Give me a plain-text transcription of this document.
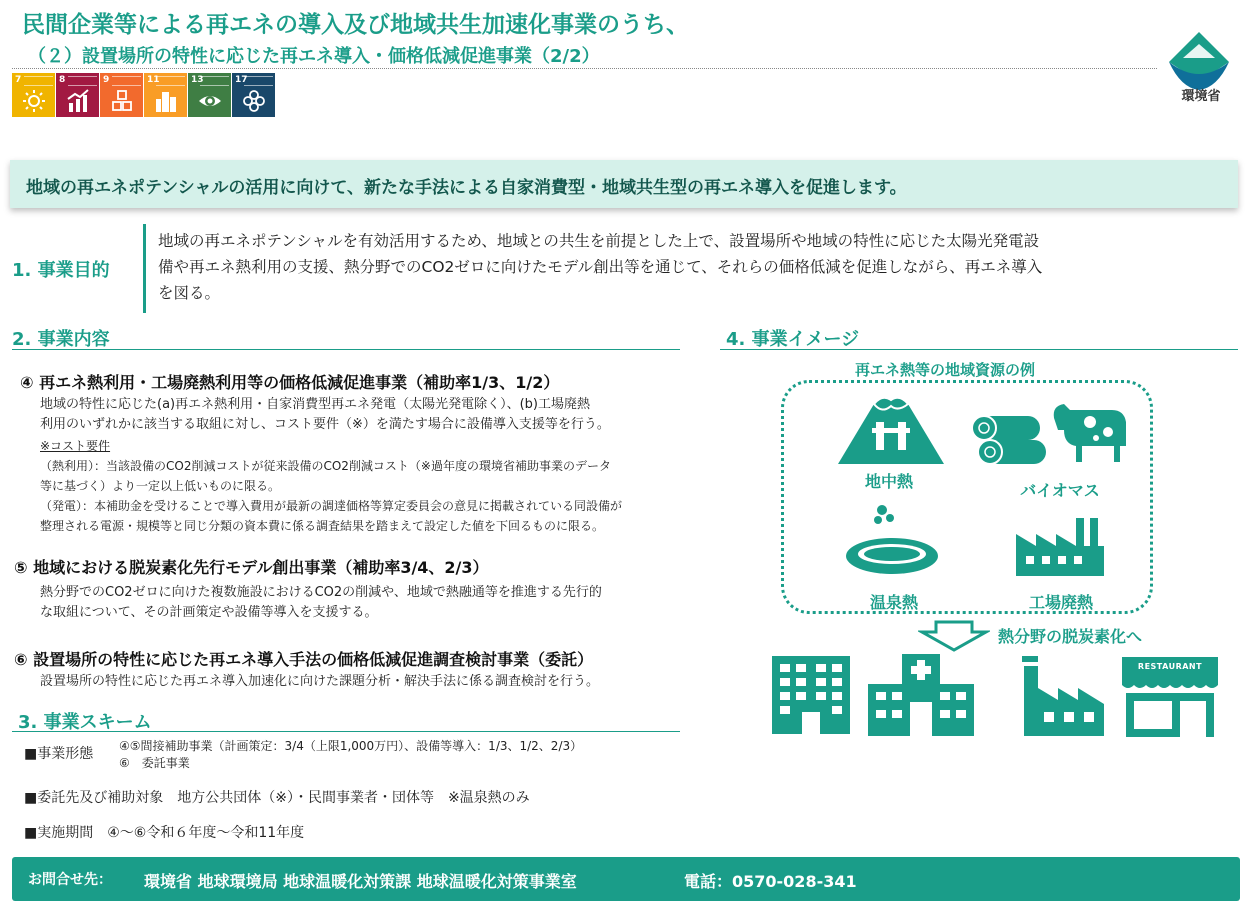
民間企業等による再エネの導入及び地域共生加速化事業のうち、
（２）設置場所の特性に応じた再エネ導入・価格低減促進事業（2/2）
7	8	9	11	13	17
環境省
地域の再エネポテンシャルの活用に向けて、新たな手法による自家消費型・地域共生型の再エネ導入を促進します。
1. 事業目的
地域の再エネポテンシャルを有効活用するため、地域との共生を前提とした上で、設置場所や地域の特性に応じた太陽光発電設
備や再エネ熱利用の支援、熱分野でのCO2ゼロに向けたモデル創出等を通じて、それらの価格低減を促進しながら、再エネ導入
を図る。
2. 事業内容
④ 再エネ熱利用・工場廃熱利用等の価格低減促進事業（補助率1/3、1/2）
地域の特性に応じた(a)再エネ熱利用・自家消費型再エネ発電（太陽光発電除く）、(b)工場廃熱
利用のいずれかに該当する取組に対し、コスト要件（※）を満たす場合に設備導入支援等を行う。
※コスト要件
（熱利用）：当該設備のCO2削減コストが従来設備のCO2削減コスト（※過年度の環境省補助事業のデータ
等に基づく）より一定以上低いものに限る。
（発電）：本補助金を受けることで導入費用が最新の調達価格等算定委員会の意見に掲載されている同設備が
整理される電源・規模等と同じ分類の資本費に係る調査結果を踏まえて設定した値を下回るものに限る。
⑤ 地域における脱炭素化先行モデル創出事業（補助率3/4、2/3）
熱分野でのCO2ゼロに向けた複数施設におけるCO2の削減や、地域で熱融通等を推進する先行的
な取組について、その計画策定や設備等導入を支援する。
⑥ 設置場所の特性に応じた再エネ導入手法の価格低減促進調査検討事業（委託）
設置場所の特性に応じた再エネ導入加速化に向けた課題分析・解決手法に係る調査検討を行う。
3. 事業スキーム
■事業形態 ④⑤間接補助事業（計画策定：3/4（上限1,000万円）、設備等導入：1/3、1/2、2/3）
⑥　委託事業
■委託先及び補助対象　地方公共団体（※）・民間事業者・団体等　※温泉熱のみ
■実施期間　④～⑥令和６年度～令和11年度
4. 事業イメージ
再エネ熱等の地域資源の例
地中熱	バイオマス
温泉熱	工場廃熱
熱分野の脱炭素化へ
RESTAURANT
お問合せ先： 環境省 地球環境局 地球温暖化対策課 地球温暖化対策事業室	電話：0570-028-341
